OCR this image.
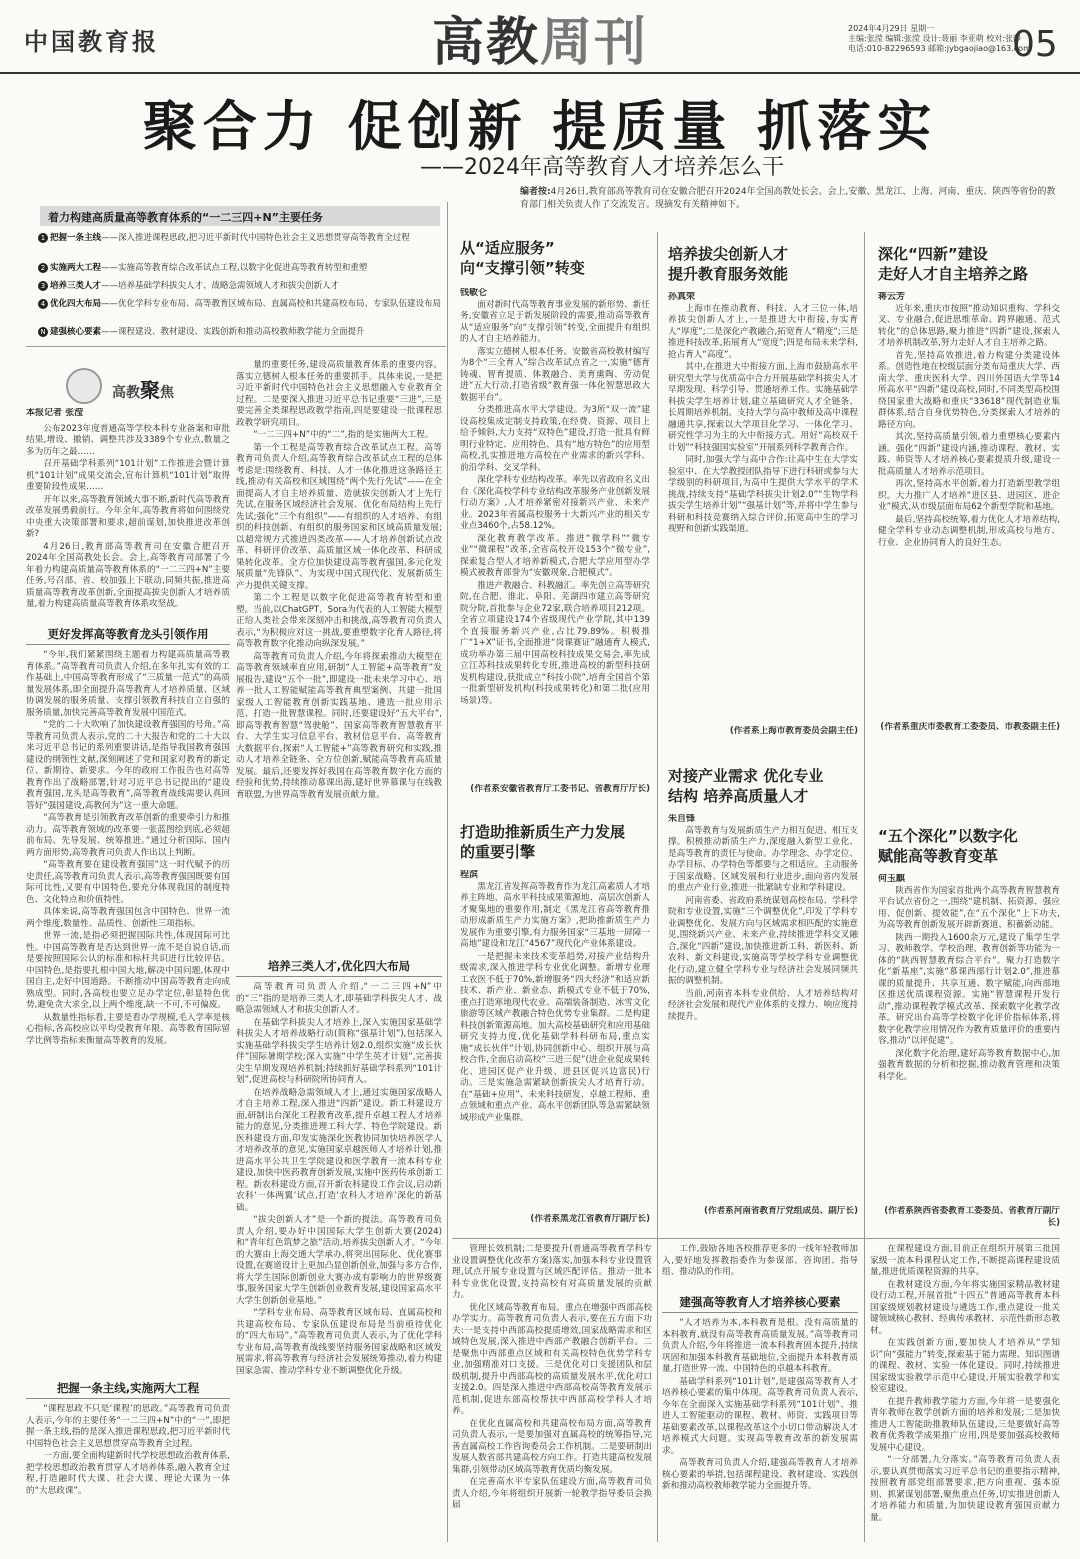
中国教育报	高教周刊	2024年4月29日 星期一
主编:张滢 编辑:张滢 设计:聂丽 李亚萌 校对:张静
电话:010-82296593 邮箱:jybgaojiao@163.com
05
聚合力 促创新 提质量 抓落实
——2024年高等教育人才培养怎么干
编者按:4月26日,教育部高等教育司在安徽合肥召开2024年全国高教处长会。会上,安徽、黑龙江、上海、河南、重庆、陕西等省份的教育部门相关负责人作了交流发言。现摘发有关精神如下。
着力构建高质量高等教育体系的“一二三四+N”主要任务
1 把握一条主线——深入推进课程思政,把习近平新时代中国特色社会主义思想贯穿高等教育全过程
2 实施两大工程——实施高等教育综合改革试点工程,以数字化促进高等教育转型和重塑
3 培养三类人才——培养基础学科拔尖人才、战略急需领域人才和拔尖创新人才
4 优化四大布局——优化学科专业布局、高等教育区域布局、直属高校和共建高校布局、专家队伍建设布局
N 建强核心要素——课程建设、教材建设、实践创新和推动高校教师教学能力全面提升
高教聚焦
本报记者 张滢

公布2023年度普通高等学校本科专业备案和审批结果,增设、撤销、调整共涉及3389个专业点,数量之多为历年之最……

召开基础学科系列“101计划”工作推进会暨计算机“101计划”成果交流会,宣布计算机“101计划”取得重要阶段性成果……

开年以来,高等教育领域大事不断,新时代高等教育改革发展勇毅前行。今年全年,高等教育将如何围绕党中央重大决策部署和要求,超前谋划,加快推进改革创新?

4月26日,教育部高等教育司在安徽合肥召开2024年全国高教处长会。会上,高等教育司部署了今年着力构建高质量高等教育体系的“一二三四+N”主要任务,号召部、省、校加强上下联动,同频共振,推进高质量高等教育改革创新,全面提高拔尖创新人才培养质量,着力构建高质量高等教育体系攻坚战。

更好发挥高等教育龙头引领作用

“今年,我们紧紧围绕主题着力构建高质量高等教育体系。”高等教育司负责人介绍,在多年扎实有效的工作基础上,中国高等教育形成了“三质量一范式”的高质量发展体系,即全面提升高等教育人才培养质量、区域协调发展的服务质量、支撑引领教育科技自立自强的服务质量,加快完善高等教育发展中国范式。

“党的二十大吹响了加快建设教育强国的号角。”高等教育司负责人表示,党的二十大报告和党的二十大以来习近平总书记的系列重要讲话,是指导我国教育强国建设的纲领性文献,深刻阐述了党和国家对教育的新定位、新期待、新要求。今年的政府工作报告也对高等教育作出了战略部署,针对习近平总书记提出的“建设教育强国,龙头是高等教育”,高等教育战线需要认真回答好“强国建设,高教何为”这一重大命题。

“高等教育是引领教育改革创新的重要牵引力和推动力。高等教育领域的改革要一张蓝图绘到底,必须超前布局、先导发展、统筹推进。”通过分析国际、国内两方面形势,高等教育司负责人作出以上判断。

“高等教育要在建设教育强国”这一时代赋予的历史责任,高等教育司负责人表示,高等教育强国既要有国际可比性,又要有中国特色,要充分体现我国的制度特色、文化特点和价值特性。

具体来说,高等教育强国包含中国特色、世界一流两个维度,数量性、品质性、创新性三项指标。

世界一流,是指必须把握国际共性,体现国际可比性。中国高等教育是否达到世界一流不是自说自话,而是要按照国际公认的标准和标杆共识进行比较评估。中国特色,是指要扎根中国大地,解决中国问题,体现中国自主,走好中国道路。不断推动中国高等教育走向成熟成型。同时,各高校也要立足办学定位,彰显特色优势,避免贪大求全,以上两个维度,缺一不可,不可偏废。

从数量性指标看,主要是看办学规模,毛入学率是核心指标,各高校应以平均受教育年限、高等教育国际留学比例等指标来衡量高等教育的发展。

把握一条主线,实施两大工程

“课程思政不只是‘课程’的思政。”高等教育司负责人表示,今年的主要任务“一二三四+N”中的“一”,即把握一条主线,指的是深入推进课程思政,把习近平新时代中国特色社会主义思想贯穿高等教育全过程。

一方面,要全面构建新时代学校思想政治教育体系,把学校思想政治教育贯穿人才培养体系,融入教育全过程,打造融时代大课、社会大课、理论大课为一体的“大思政课”。

量的重要任务,建设高质量教育体系的重要内容。落实立德树人根本任务的重要抓手。具体来说,一是把习近平新时代中国特色社会主义思想融入专业教育全过程。二是要深入推进习近平总书记重要“三进”,三是要完善全类课程思政教学指南,四是要建设一批课程思政教学研究项目。

“一二三四+N”中的“二”,指的是实施两大工程。

第一个工程是高等教育综合改革试点工程。高等教育司负责人介绍,高等教育综合改革试点工程的总体考虑是:围绕教育、科技、人才一体化推进这条路径主线,推动有关高校和区域围绕“两个先行先试”——在全面提高人才自主培养质量、造就拔尖创新人才上先行先试,在服务区域经济社会发展、优化布局结构上先行先试;强化“三个有组织”——有组织的人才培养、有组织的科技创新、有组织的服务国家和区域高质量发展;以超常规方式推进四类改革——人才培养创新试点改革、科研评价改革、高质量区域一体化改革、科研成果转化改革。全方位加快建设高等教育强国,多元化发展质量“先锋队”、为实现中国式现代化、发展新质生产力提供关键支撑。

第二个工程是以数字化促进高等教育转型和重塑。当前,以ChatGPT、Sora为代表的人工智能大模型正给人类社会带来深刻冲击和挑战,高等教育司负责人表示,“为积极应对这一挑战,要重塑数字化育人路径,将高等教育数字化推动向纵深发展。”

高等教育司负责人介绍,今年将探索推动大模型在高等教育领域率直应用,研制“人工智能+高等教育”发展报告,建设“五个一批”,即建设一批未来学习中心、培养一批人工智能赋能高等教育典型案例、共建一批国家级人工智能教育创新实践基地、遴选一批应用示范、打造一批智慧课程。同时,还要建设好“五大平台”,即高等教育智慧“驾驶舱”、国家高等教育智慧教育平台、大学生实习信息平台、教材信息平台、高等教育大数据平台,探索“人工智能+”高等教育研究和实践,推动人才培养全链条、全方位创新,赋能高等教育高质量发展。最后,还要发挥好我国在高等教育数字化方面的经验和优势,持续推动慕课出海,建好世界慕课与在线教育联盟,为世界高等教育发展贡献力量。

培养三类人才,优化四大布局

高等教育司负责人介绍,“一二三四+N”中的“三”指的是培养三类人才,即基础学科拔尖人才、战略急需领域人才和拔尖创新人才。

在基础学科拔尖人才培养上,深入实施国家基础学科拔尖人才培养战略行动(简称“强基计划”),包括深入实施基础学科拔尖学生培养计划2.0,组织实施“成长伙伴”国际暑期学校;深入实施“中学生英才计划”,完善拔尖生早期发现培养机制;持续抓好基础学科系列“101计划”,促进高校与科研院所协同育人。

在培养战略急需领域人才上,通过实施国家战略人才自主培养工程,深入推进“四新”建设。新工科建设方面,研制出台深化工程教育改革,提升卓越工程人才培养能力的意见,分类推进理工科大学、特色学院建设。新医科建设方面,印发实施深化医教协同加快培养医学人才培养改革的意见,实施国家卓越医师人才培养计划,推进高水平公共卫生学院建设和医学教育一流本科专业建设,加快中医药教育创新发展,实施中医药传承创新工程。新农科建设方面,召开新农科建设工作会议,启动新农科‘一体两翼’试点,打造‘农科人才培养’深化的新基础。

“拔尖创新人才”是一个新的提法。高等教育司负责人介绍,要办好中国国际大学生创新大赛(2024)和“青年红色筑梦之旅”活动,培养拔尖创新人才。“今年的大赛由上海交通大学承办,将突出国际化、优化赛事设置,在赛道设计上更加凸显创新创业,加强与多方合作,将大学生国际创新创业大赛办成有影响力的世界级赛事,服务国家大学生创新创业教育发展,建设国家高水平大学生创新创业基地。”

“学科专业布局、高等教育区域布局、直属高校和共建高校布局、专家队伍建设布局是当前亟待优化的“四大布局”。”高等教育司负责人表示,为了优化学科专业布局,高等教育战线要坚持服务国家战略和区域发展需求,将高等教育与经济社会发展统筹推动,着力构建国家急需、推动学科专业不断调整优化升级。

从“适应服务”
向“支撑引领”转变
钱敏仑

面对新时代高等教育事业发展的新形势、新任务,安徽省立足于新发展阶段的需要,推动高等教育从“适应服务”向“支撑引领”转变,全面提升有组织的人才自主培养能力。

落实立德树人根本任务。安徽省高校教材编写为8个“三全育人”综合改革试点省之一,实施“德育铸魂、智育提质、体教融合、美育熏陶、劳动促进”五大行动,打造省级“教育强一体化智慧思政大数据平台”。

分类推进高水平大学建设。为3所“双一流”建设高校集成定制支持政策,在经费、资源、项目上给予倾斜,大力支持“双特色”建设,打造一批具有鲜明行业特定、应用特色、具有“地方特色”的应用型高校,扎实推进地方高校在产业需求的新兴学科、前沿学科、交叉学科。

深化学科专业结构改革。率先以省政府名义出台《深化高校学科专业结构改革服务产业创新发展行动方案》,人才培养紧密对接新兴产业、未来产业。2023年省属高校服务十大新兴产业的相关专业点3460个,占58.12%。

深化教育教学改革。推进“微学科”“微专业”“微课程”改革,全省高校开设153个“微专业”,探索复合型人才培养新模式,合肥大学应用型办学模式被教育部誉为“安徽现象,合肥模式”。

推进产教融合、科教融汇。率先创立高等研究院,在合肥、淮北、阜阳、芜湖四市建立高等研究院分院,首批参与企业72家,联合培养项目212项。全省立项建设174个省级现代产业学院,其中139个直接服务新兴产业,占比79.89%。积极推广“1+X”证书,全面推进“岗课赛证”融通育人模式,成功举办第三届中国高校科技成果交易会,率先成立江苏科技成果转化专班,推进高校的新型科技研发机构建设,获批成立“科技小院”,培育全国首个第一批新型研发机构(科技成果转化)和第二批(应用场景)等。

(作者系安徽省教育厅工委书记、省教育厅厅长)
打造助推新质生产力发展
的重要引擎
程滨

黑龙江省发挥高等教育作为龙江高素质人才培养主阵地、高水平科技成果策源地、高层次创新人才聚集地的重要作用,制定《黑龙江省高等教育推动形成新质生产力实施方案》,把助推新质生产力发展作为重要引擎,有力服务国家“三基地一屏障一高地”建设和龙江“4567”现代化产业体系建设。

一是把握未来技术变革趋势,对接产业结构升级需求,深入推进学科专业优化调整。新增专业理工农医不低于70%,新增服务“四大经济”和适应新技术、新产业、新业态、新模式专业不低于70%,重点打造寒地现代农业、高端装备制造、冰雪文化旅游等区域产教融合特色优势专业集群。二是构建科技创新策源高地。加大高校基础研究和应用基础研究支持力度,优化基础学科科研布局,重点实施“成长伙伴”计划,协同创新中心、组织开展与高校合作,全面启动高校“三进三促”(进企业促成果转化、进园区促产业升级、进县区促兴边富民)行动。三是实施急需紧缺创新拔尖人才培育行动。在“基础+应用”、未来科技研发、卓越工程师、重点领域和重点产业、高水平创新团队等急需紧缺领域形成产业集群。

(作者系黑龙江省教育厅副厅长)
培养拔尖创新人才
提升教育服务效能
孙真荣

上海市在推动教育、科技、人才三位一体,培养拔尖创新人才上,一是推进大中衔接,夯实育人“厚度”;二是深化产教融合,拓宽育人“精度”;三是推进科技改革,拓展育人“宽度”;四是布局未来学科,抢占育人“高度”。

其中,在推进大中衔接方面,上海市鼓励高水平研究型大学与优质高中合力开展基础学科拔尖人才早期发现、科学引导、贯通培养工作。实施基础学科拔尖学生培养计划,建立基础研究人才全链条、长周期培养机制。支持大学与高中教师及高中课程融通共享,探索以大学项目化学习、一体化学习、研究性学习为主的大中衔接方式。用好“高校双千计划”“科技强国实验室”开展系列科学教育合作。

同时,加强大学与高中合作:让高中生在大学实验室中、在大学教授团队指导下进行科研或参与大学级别的科研项目,为高中生提供大学水平的学术挑战,持续支持“基础学科拔尖计划2.0”“生物学科拔尖学生培养计划”“强基计划”等,并将中学生参与科研和科技竞赛纳入综合评价,拓宽高中生的学习视野和创新实践渠道。

(作者系上海市教育委员会副主任)
对接产业需求 优化专业
结构 培养高质量人才
朱自锋

高等教育与发展新质生产力相互促进、相互支撑。积极推动新质生产力,深度融入新型工业化、是高等教育的责任与使命。办学理念、办学定位、办学目标、办学特色等都要与之相适应。主动服务于国家战略、区域发展和行业进步,面向省内发展的重点产业行业,推进一批紧缺专业和学科建设。

河南省委、省政府系统谋划高校布局、学科学院和专业设置,实施“三个调整优化”,印发了学科专业调整优化、发展方向与区域需求相匹配的实施意见,围绕新兴产业、未来产业,持续推进学科交叉融合,深化“四新”建设,加快推进新工科、新医科、新农科、新文科建设,实施高等学校学科专业调整优化行动,建立健全学科专业与经济社会发展同频共振的调整机制。

当前,河南省本科专业供给、人才培养结构对经济社会发展和现代产业体系的支撑力、响应度持续提升。

(作者系河南省教育厅党组成员、副厅长)
深化“四新”建设
走好人才自主培养之路
蒋云芳

近年来,重庆市按照“推动知识重构、学科交叉、专业融合,促进思维革命、跨界融通、范式转化”的总体思路,聚力推进“四新”建设,探索人才培养机制改革,努力走好人才自主培养之路。

首先,坚持高效推进,着力构建分类建设体系。创造性地在校级层面分类布局重庆大学、西南大学、重庆医科大学、四川外国语大学等14所高水平“四新”建设高校,同时,不同类型高校围绕国家重大战略和重庆“33618”现代制造业集群体系,结合自身优势特色,分类探索人才培养的路径方向。

其次,坚持高质量引领,着力重塑核心要素内涵。强化“四新”建设内涵,推动课程、教材、实践、师资等人才培养核心要素提质升级,建设一批高质量人才培养示范项目。

再次,坚持高水平创新,着力打造新型教学组织。大力推广人才培养“进区县、进园区、进企业”模式,从市级层面布局62个新型学院和基地。

最后,坚持高校统筹,着力优化人才培养结构,健全学科专业动态调整机制,形成高校与地方、行业、企业协同育人的良好生态。

(作者系重庆市委教育工委委员、市教委副主任)
“五个深化”以数字化
赋能高等教育变革
何玉麒

陕西省作为国家首批两个高等教育智慧教育平台试点省份之一,围绕“建机制、拓资源、强应用、促创新、提效能”,在“五个深化”上下功夫,为高等教育创新发展开辟新赛道、积蓄新动能。

陕西一期投入1600余万元,建设了集学生学习、教师教学、学校治理、教育创新等功能为一体的“陕西智慧教育综合平台”。聚力打造数字化“新基座”,实施“慕课西部行计划2.0”,推进慕课的质量提升、共享互通、数字赋能,向西部地区推送优质课程资源。实施“智慧课程开发行动”,推动课程教学模式改革、探索数字化教学改革。研究出台高等学校数字化评价指标体系,将数字化教学应用情况作为教育质量评价的重要内容,推动“以评促建”。

深化数字化治理,建好高等教育数据中心,加强教育数据的分析和挖掘,推动教育管理和决策科学化。

(作者系陕西省委教育工委委员、省教育厅副厅长)

管理长效机制;二是要提升(普通高等教育学科专业设置调整优化改革方案)落实,加强本科专业设置管理,试点开展专业设置与区域匹配评估。推动一批本科专业优化设置,支持高校有对高质量发展的贡献力。

优化区域高等教育布局。重点在增强中西部高校办学实力。高等教育司负责人表示,要在五方面下功夫:一是支持中西部高校提质增效,国家战略需求和区域特色发展,深入推进中西部产教融合创新平台。二是聚焦中西部重点区域和有关高校特色优势学科专业,加强精准对口支援。三是优化对口支援团队和层级机制,提升中西部高校的高质量发展水平,优化对口支援2.0。四是深入推进中西部高校高等教育发展示范机制,促进东部高校帮扶中西部高校学科人才培养。

在优化直属高校和共建高校布局方面,高等教育司负责人表示,一是要加强对直属高校的统筹指导,完善直属高校工作咨询委员会工作机制。二是要研制出发展人数省部共建高校方向工作。打造共建高校发展集群,引领带动区域高等教育优质均衡发展。

在完善高水平专家队伍建设方面,高等教育司负责人介绍,今年将组织开展新一轮教学指导委员会换届

工作,鼓励各地各校推荐更多的一线年轻教师加入,要好地发挥教指委作为参谋部、咨询团、指导组、推动队的作用。

建强高等教育人才培养核心要素

“人才培养为本,本科教育是根。没有高质量的本科教育,就没有高等教育高质量发展。”高等教育司负责人介绍,今年将推进一流本科教育固本提升,持续巩固和加强本科教育基础地位,全面提升本科教育质量,打造世界一流、中国特色的卓越本科教育。

基础学科系列“101计划”,是建强高等教育人才培养核心要素的集中体现。高等教育司负责人表示,今年在全面深入实施基础学科系列“101计划”、推进人工智能驱动的课程、教材、师资、实践项目等基础要素改革,以课程改革这个小切口带动解决人才培养模式大问题。实现高等教育改革的新发展需求。

高等教育司负责人介绍,建强高等教育人才培养核心要素的举措,包括课程建设、教材建设、实践创新和推动高校教师教学能力全面提升等。

在课程建设方面,目前正在组织开展第三批国家级一流本科课程认定工作,不断提高课程建设质量,推进优质课程资源的共享。

在教材建设方面,今年将实施国家精品教材建设行动工程,开展首批“十四五”普通高等教育本科国家级规划教材建设与遴选工作,重点建设一批关键领域核心教材、经典传承教材、示范性新形态教材。

在实践创新方面,要加快人才培养从“学知识”向“强能力”转变,探索基于能力需理、知识图谱的课程、教材、实验一体化建设。同时,持续推进国家级实验教学示范中心建设,开展实验教学和实验室建设。

在提升教师教学能力方面,今年将一是要强化青年教师在教学创新方面的培养和发展;二是加快推进人工智能助推教师队伍建设,三是要做好高等教育优秀教学成果推广应用,四是要加强高校教师发展中心建设。

“一分部署,九分落实。”高等教育司负责人表示,要认真贯彻落实习近平总书记的重要指示精神,按照教育部党组部署要求,把方向重视、强本原则、抓紧谋划部署,聚焦重点任务,切实推进创新人才培养能力和质量,为加快建设教育强国贡献力量。
